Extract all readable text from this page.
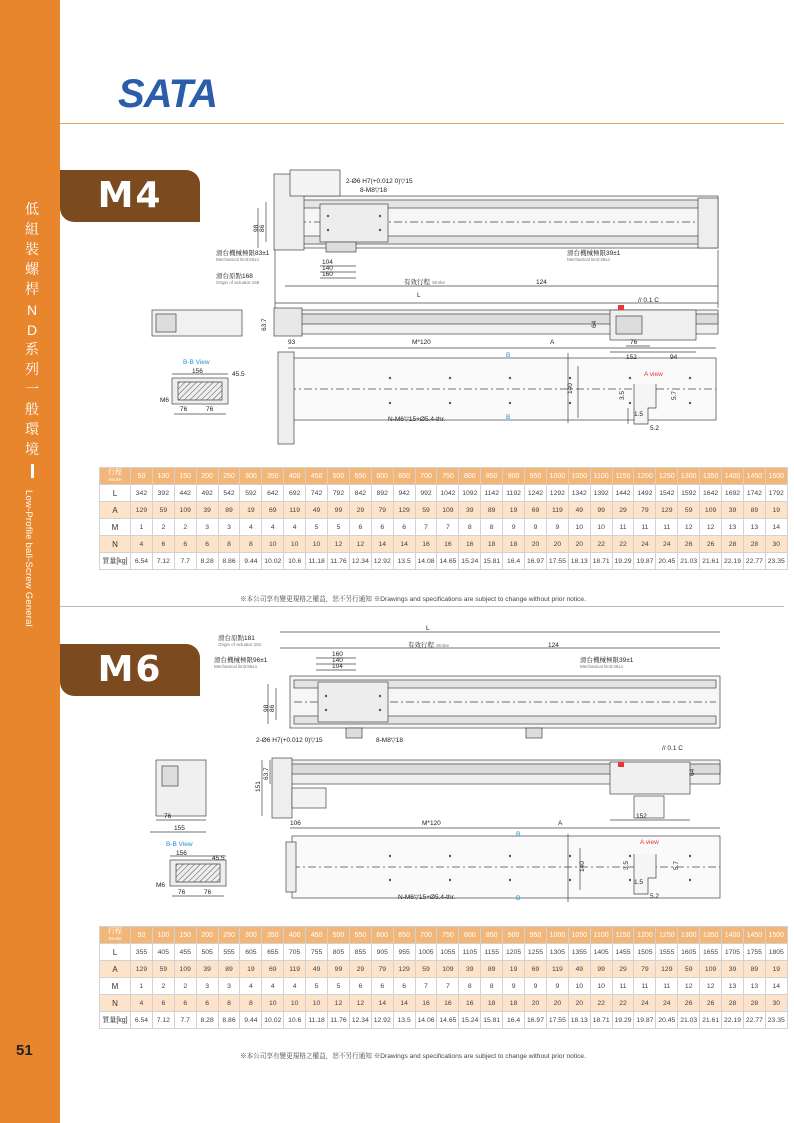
低
組
裝
螺
桿
N
D
系
列
一
般
環
境
Low-Profile ball-Screw General
51
SATA
M4	2-Ø6 H7(+0.012 0)▽15
8-M8▽18
滑台機械極限83±1
Mechanical limit:83±1
滑台原點168
Origin of actuator:168
104
140
160
有效行程 Stroke	124
滑台機械極限39±1
Mechanical limit:39±1
L
98 86
63.7
93	M*120	A
B
B
140
N-M6▽15+Ø5.4-thr.
B-B View
156	45.5
M6
76	76
// 0.1 C
64
76
152	94
A view
3.5	5.7
1.5
5.2
行程
Stroke	50	100	150	200	250	300	350	400	450	500	550	600	650	700	750	800	850	900	950	1000	1050	1100	1150	1200	1250	1300	1350	1400	1450	1500
L	342	392	442	492	542	592	642	692	742	792	842	892	942	992	1042	1092	1142	1192	1242	1292	1342	1392	1442	1492	1542	1592	1642	1692	1742	1792
A	129	59	109	39	89	19	69	119	49	99	29	79	129	59	109	39	89	19	69	119	49	99	29	79	129	59	109	39	89	19
M	1	2	2	3	3	4	4	4	5	5	6	6	6	7	7	8	8	9	9	9	10	10	11	11	11	12	12	13	13	14
N	4	6	6	6	8	8	10	10	10	12	12	14	14	16	16	16	18	18	20	20	20	22	22	24	24	26	26	28	28	30
質量[kg]	6.54	7.12	7.7	8.28	8.86	9.44	10.02	10.6	11.18	11.76	12.34	12.92	13.5	14.08	14.65	15.24	15.81	16.4	16.97	17.55	18.13	18.71	19.29	19.87	20.45	21.03	21.61	22.19	22.77	23.35
※本公司享有變更規格之權益，恕不另行通知 ※Drawings and specifications are subject to change without prior notice.
M6
L
滑台原點181
Origin of actuator:181
滑台機械極限96±1
Mechanical limit:96±1
160
140
104
有效行程 Stroke	124
滑台機械極限39±1
Mechanical limit:39±1
98 86
2-Ø6 H7(+0.012 0)▽15	8-M8▽18
151
63.7
76
155
106	M*120	A
B
B
140
N-M6▽15+Ø5.4-thr.
B-B View
156
45.5
M6
76	76
// 0.1 C
64
152
A view
3.5	5.7
1.5
5.2
行程
Stroke	50	100	150	200	250	300	350	400	450	500	550	600	650	700	750	800	850	900	950	1000	1050	1100	1150	1200	1250	1300	1350	1400	1450	1500
L	355	405	455	505	555	605	655	705	755	805	855	905	955	1005	1055	1105	1155	1205	1255	1305	1355	1405	1455	1505	1555	1605	1655	1705	1755	1805
A	129	59	109	39	89	19	69	119	49	99	29	79	129	59	109	39	89	19	69	119	49	99	29	79	129	59	109	39	89	19
M	1	2	2	3	3	4	4	4	5	5	6	6	6	7	7	8	8	9	9	9	10	10	11	11	11	12	12	13	13	14
N	4	6	6	6	8	8	10	10	10	12	12	14	14	16	16	16	18	18	20	20	20	22	22	24	24	26	26	28	28	30
質量[kg]	6.54	7.12	7.7	8.28	8.86	9.44	10.02	10.6	11.18	11.76	12.34	12.92	13.5	14.06	14.65	15.24	15.81	16.4	16.97	17.55	18.13	18.71	19.29	19.87	20.45	21.03	21.61	22.19	22.77	23.35
※本公司享有變更規格之權益，恕不另行通知 ※Drawings and specifications are subject to change without prior notice.
